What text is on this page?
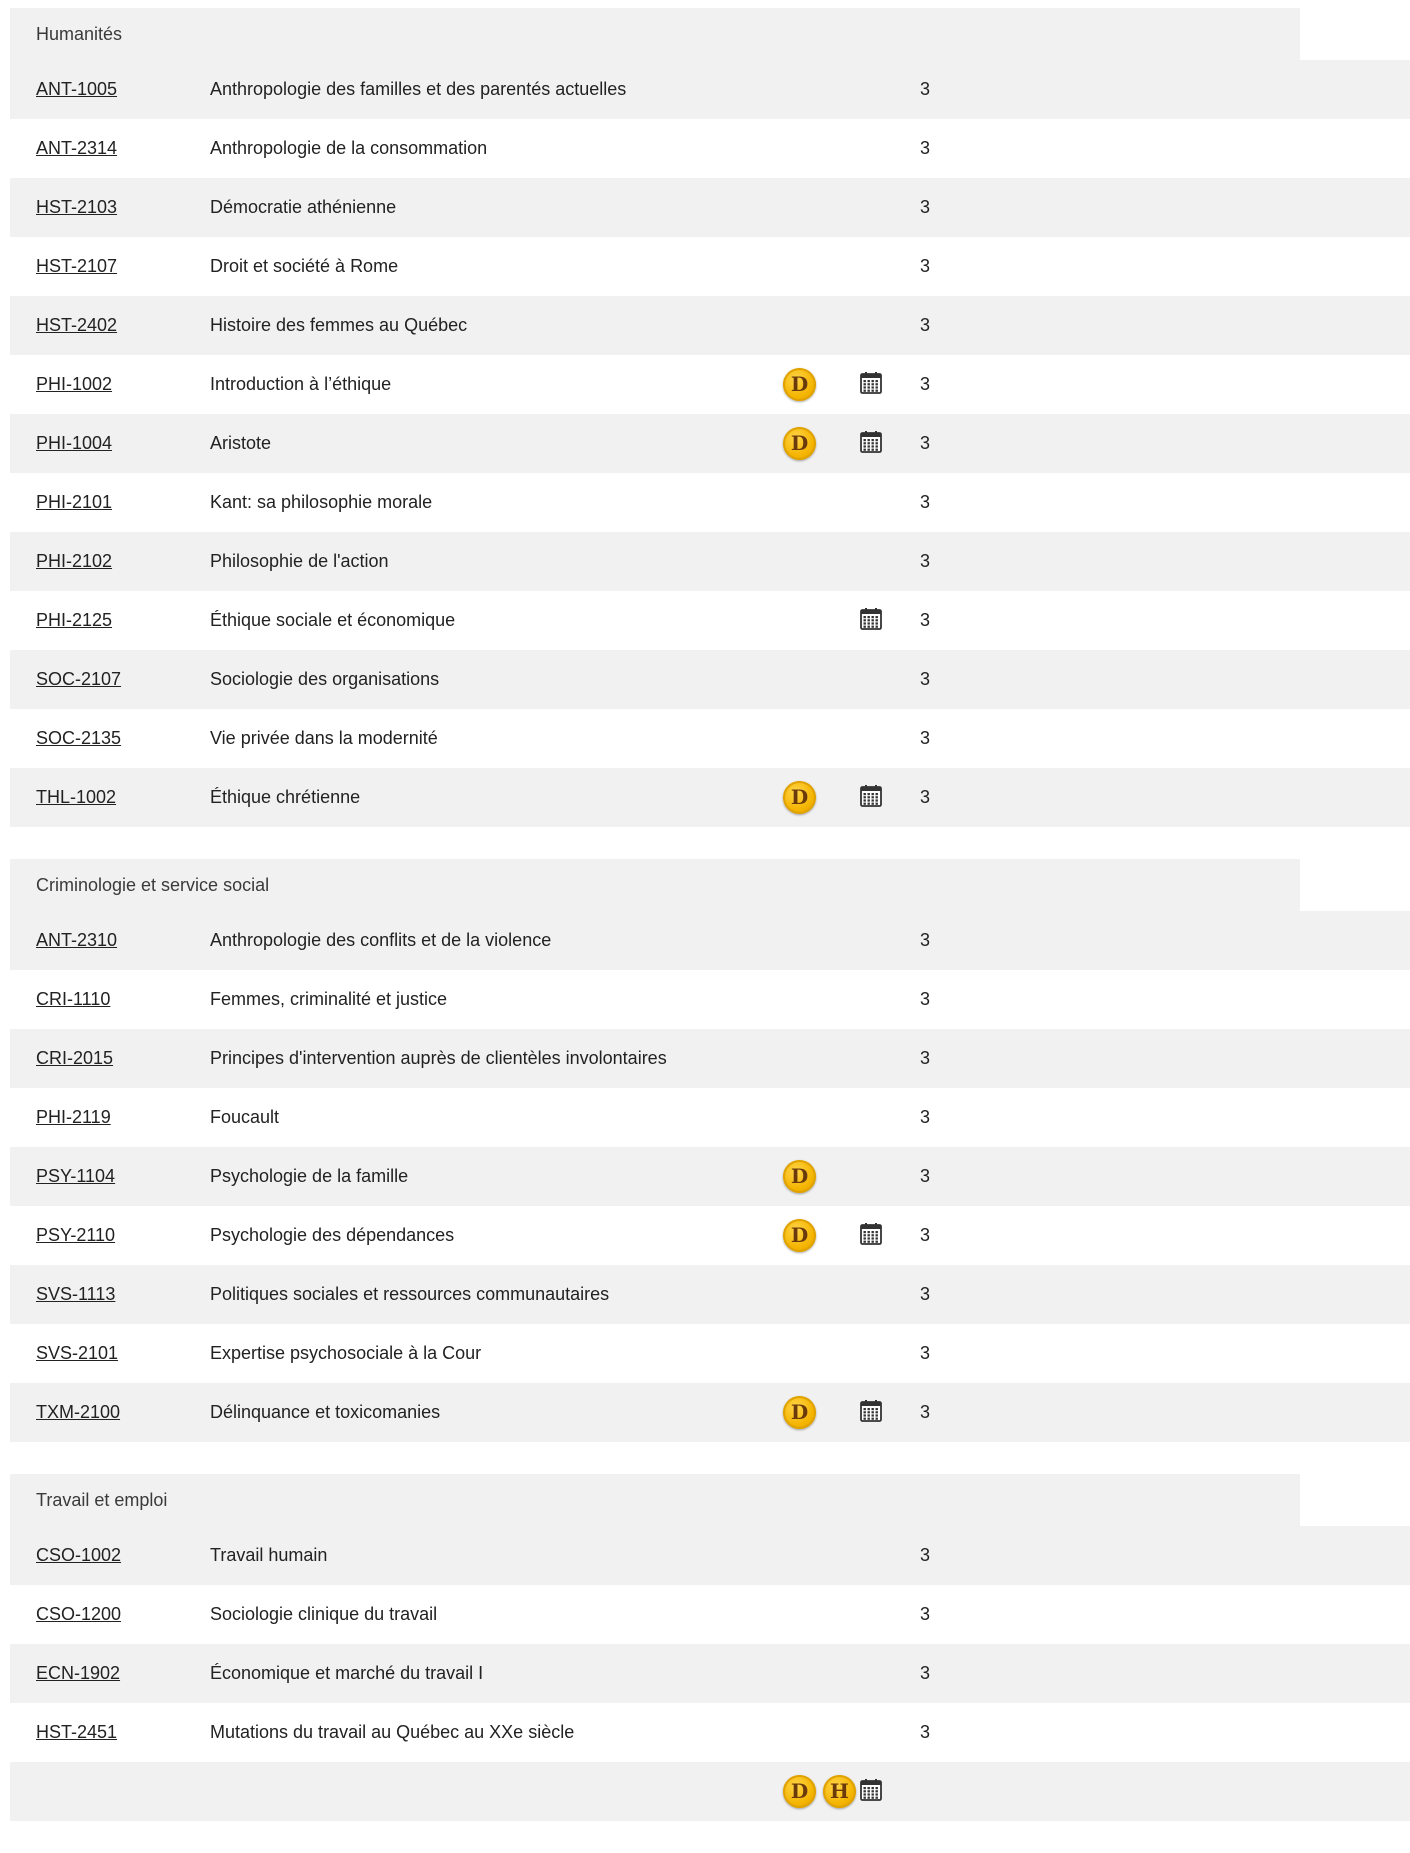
Humanités
ANT-1005	Anthropologie des familles et des parentés actuelles	3
ANT-2314	Anthropologie de la consommation	3
HST-2103	Démocratie athénienne	3
HST-2107	Droit et société à Rome	3
HST-2402	Histoire des femmes au Québec	3
PHI-1002	Introduction à l’éthique	D	3
PHI-1004	Aristote	D	3
PHI-2101	Kant: sa philosophie morale	3
PHI-2102	Philosophie de l'action	3
PHI-2125	Éthique sociale et économique	3
SOC-2107	Sociologie des organisations	3
SOC-2135	Vie privée dans la modernité	3
THL-1002	Éthique chrétienne	D	3
Criminologie et service social
ANT-2310	Anthropologie des conflits et de la violence	3
CRI-1110	Femmes, criminalité et justice	3
CRI-2015	Principes d'intervention auprès de clientèles involontaires	3
PHI-2119	Foucault	3
PSY-1104	Psychologie de la famille	D	3
PSY-2110	Psychologie des dépendances	D	3
SVS-1113	Politiques sociales et ressources communautaires	3
SVS-2101	Expertise psychosociale à la Cour	3
TXM-2100	Délinquance et toxicomanies	D	3
Travail et emploi
CSO-1002	Travail humain	3
CSO-1200	Sociologie clinique du travail	3
ECN-1902	Économique et marché du travail I	3
HST-2451	Mutations du travail au Québec au XXe siècle	3
D	H
